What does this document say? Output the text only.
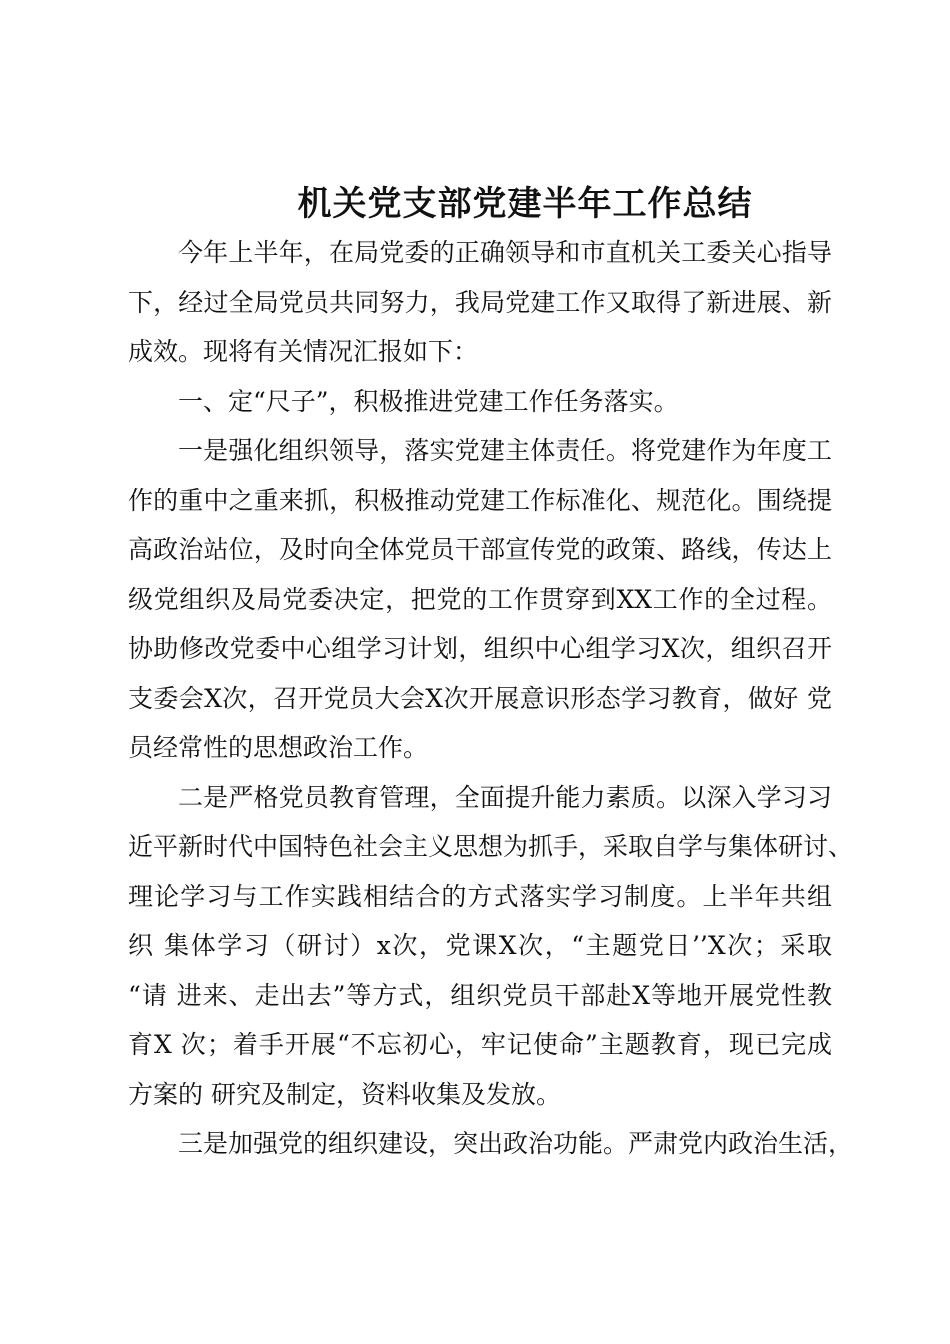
机关党支部党建半年工作总结
今年上半年，在局党委的正确领导和市直机关工委关心指导
下，经过全局党员共同努力，我局党建工作又取得了新进展、新
成效。现将有关情况汇报如下：
一、定“尺子”，积极推进党建工作任务落实。
一是强化组织领导，落实党建主体责任。将党建作为年度工
作的重中之重来抓，积极推动党建工作标准化、规范化。围绕提
高政治站位，及时向全体党员干部宣传党的政策、路线，传达上
级党组织及局党委决定，把党的工作贯穿到XX工作的全过程。
协助修改党委中心组学习计划，组织中心组学习X次，组织召开
支委会X次，召开党员大会X次开展意识形态学习教育，做好 党
员经常性的思想政治工作。
二是严格党员教育管理，全面提升能力素质。以深入学习习
近平新时代中国特色社会主义思想为抓手，采取自学与集体研讨、
理论学习与工作实践相结合的方式落实学习制度。上半年共组
织 集体学习（研讨）x次，党课X次，“主题党日’’X次；采取
“请 进来、走出去”等方式，组织党员干部赴X等地开展党性教
育X 次；着手开展“不忘初心，牢记使命”主题教育，现已完成
方案的 研究及制定，资料收集及发放。
三是加强党的组织建设，突出政治功能。严肃党内政治生活，
